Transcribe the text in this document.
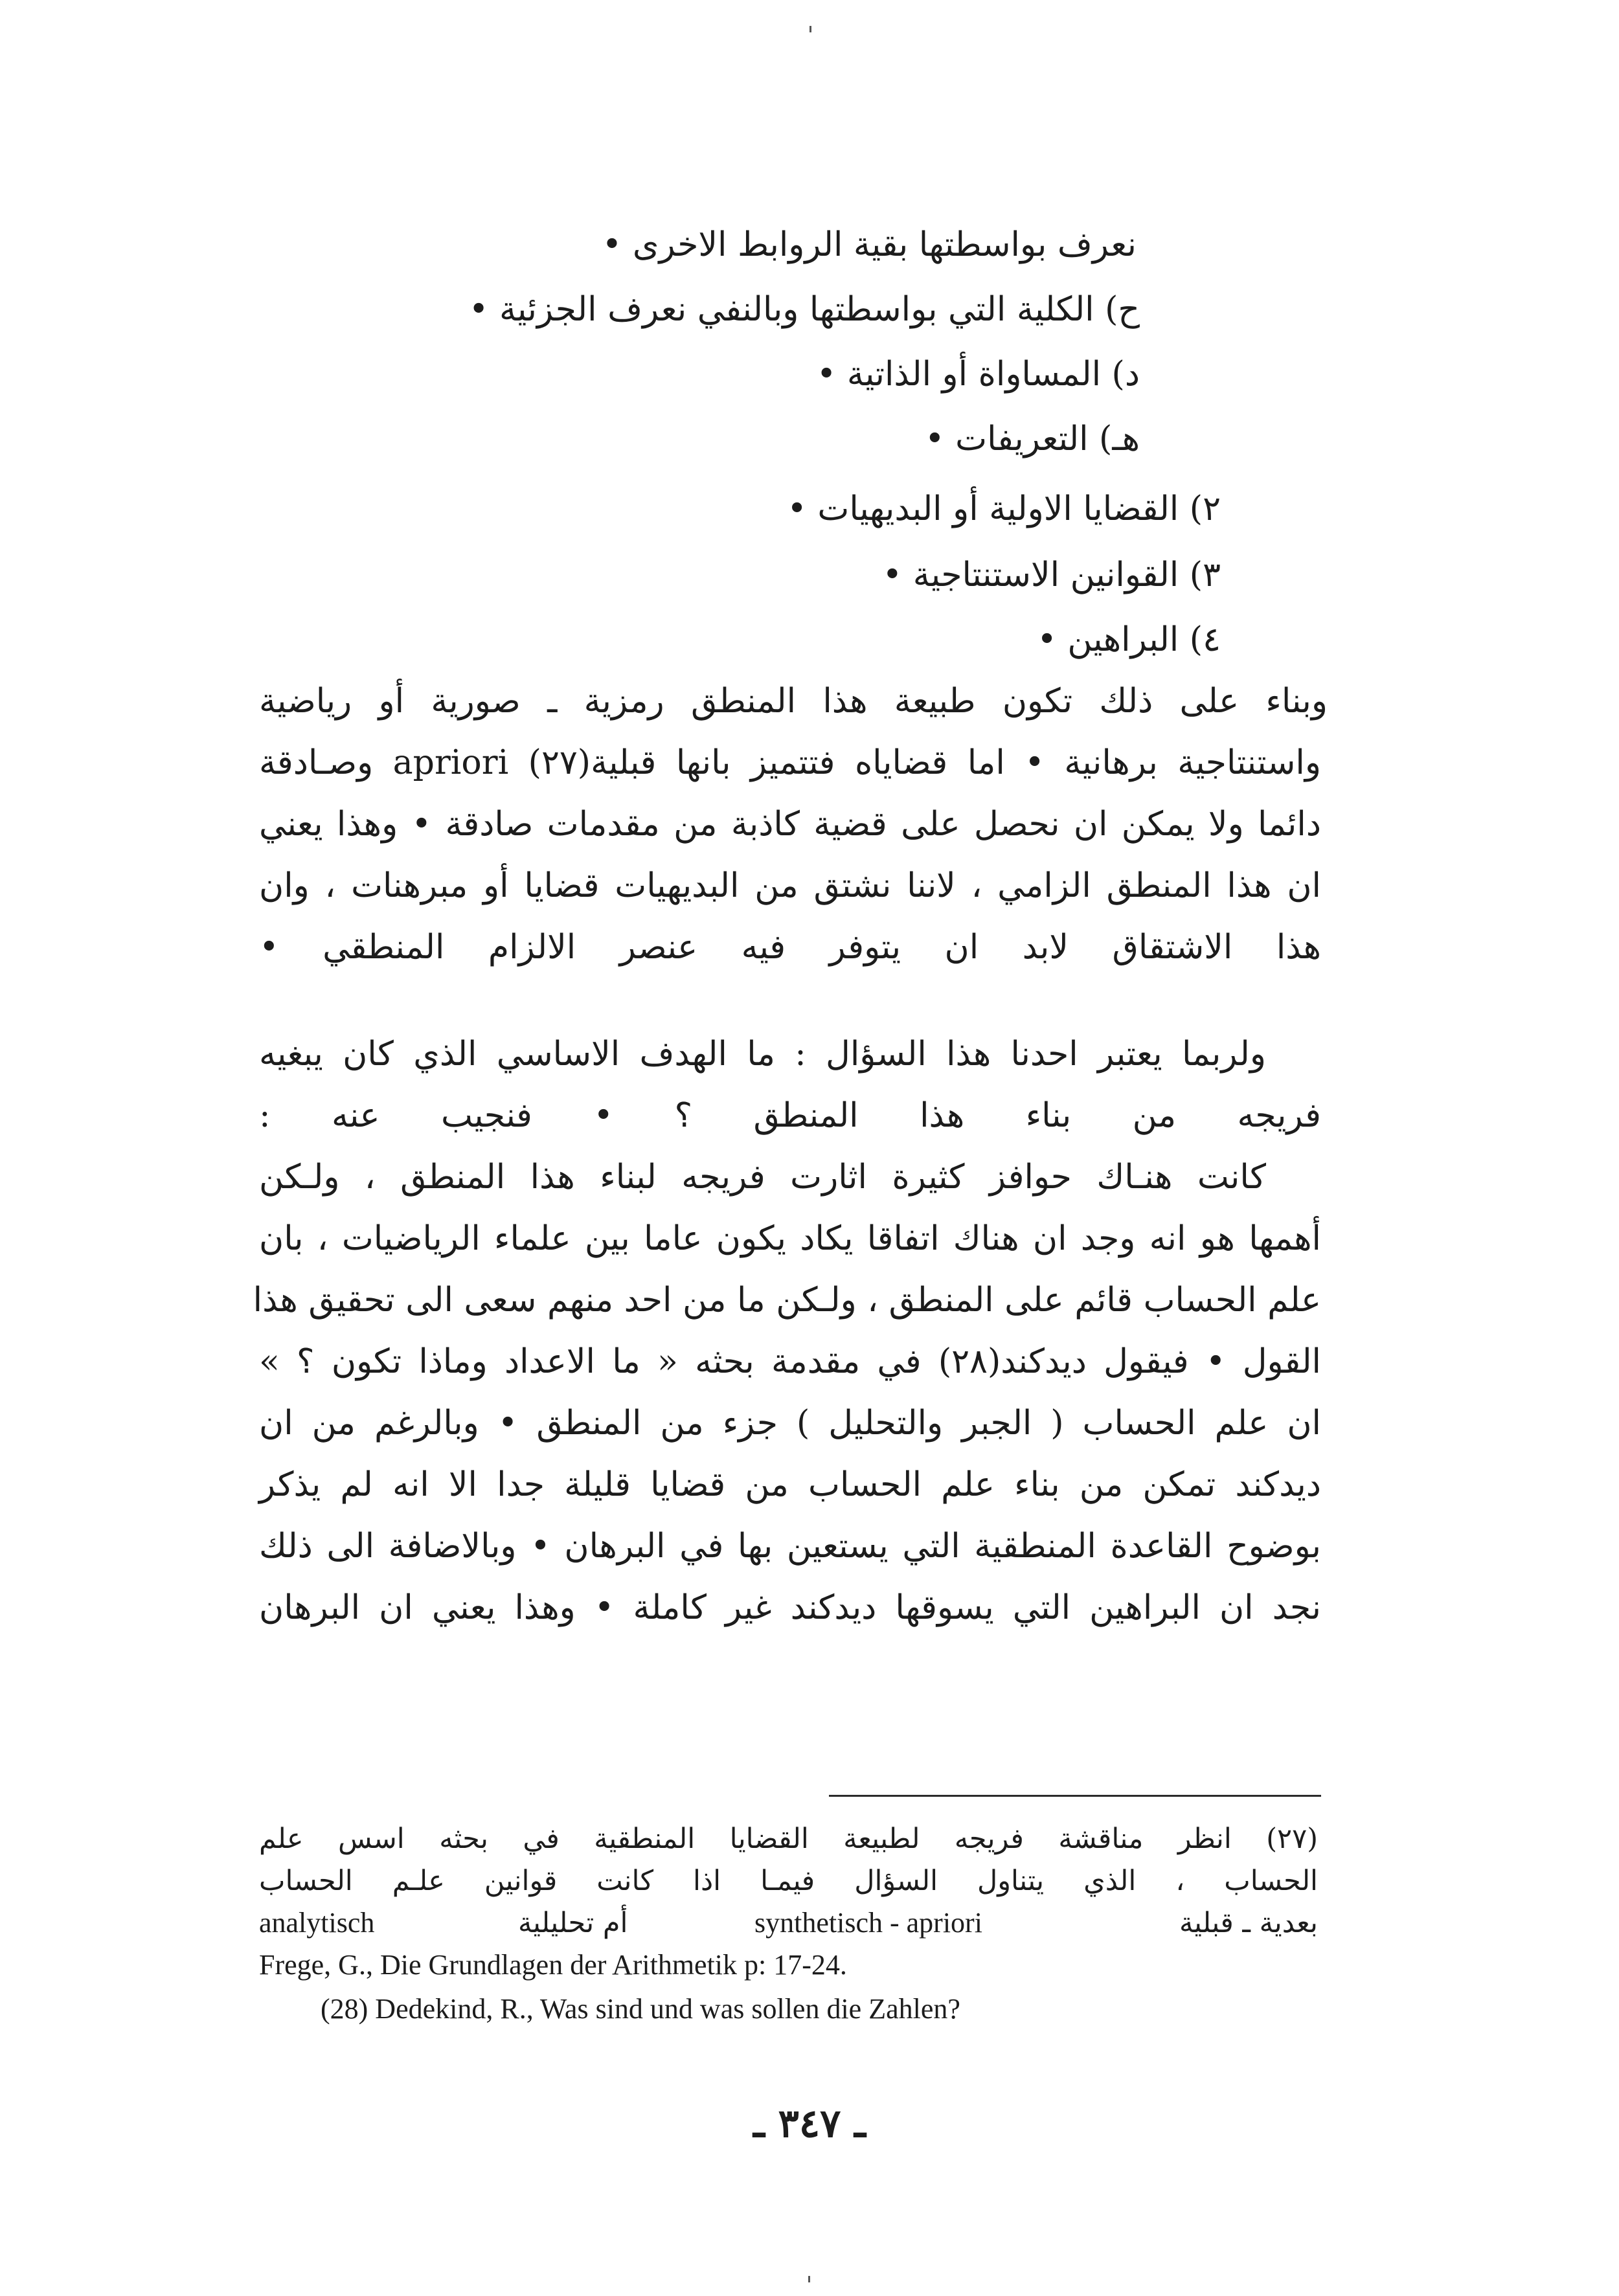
نعرف بواسطتها بقية الروابط الاخرى •
ح) الكلية التي بواسطتها وبالنفي نعرف الجزئية •
د) المساواة أو الذاتية •
هـ) التعريفات •
٢) القضايا الاولية أو البديهيات •
٣) القوانين الاستنتاجية •
٤) البراهين •
وبناء على ذلك تكون طبيعة هذا المنطق رمزية ـ صورية أو رياضية
واستنتاجية برهانية • اما قضاياه فتتميز بانها قبلية(٢٧) apriori وصـادقة
دائما ولا يمكن ان نحصل على قضية كاذبة من مقدمات صادقة • وهذا يعني
ان هذا المنطق الزامي ، لاننا نشتق من البديهيات قضايا أو مبرهنات ، وان
هذا الاشتقاق لابد ان يتوفر فيه عنصر الالزام المنطقي •
ولربما يعتبر احدنا هذا السؤال : ما الهدف الاساسي الذي كان يبغيه
فريجه من بناء هذا المنطق ؟ • فنجيب عنه :
كانت هنـاك حوافز كثيرة اثارت فريجه لبناء هذا المنطق ، ولـكن
أهمها هو انه وجد ان هناك اتفاقا يكاد يكون عاما بين علماء الرياضيات ، بان
علم الحساب قائم على المنطق ، ولـكن ما من احد منهم سعى الى تحقيق هذا
القول • فيقول ديدكند(٢٨) في مقدمة بحثه « ما الاعداد وماذا تكون ؟ »
ان علم الحساب ( الجبر والتحليل ) جزء من المنطق • وبالرغم من ان
ديدكند تمكن من بناء علم الحساب من قضايا قليلة جدا الا انه لم يذكر
بوضوح القاعدة المنطقية التي يستعين بها في البرهان • وبالاضافة الى ذلك
نجد ان البراهين التي يسوقها ديدكند غير كاملة • وهذا يعني ان البرهان
(٢٧) انظر مناقشة فريجه لطبيعة القضايا المنطقية في بحثه اسس علم
الحساب ، الذي يتناول السؤال فيمـا اذا كانت قوانين علـم الحساب
analytisch	أم تحليلية	synthetisch - apriori	بعدية ـ قبلية
Frege, G., Die Grundlagen der Arithmetik p: 17-24.
(28) Dedekind, R., Was sind und was sollen die Zahlen?
ـ ٣٤٧ ـ
